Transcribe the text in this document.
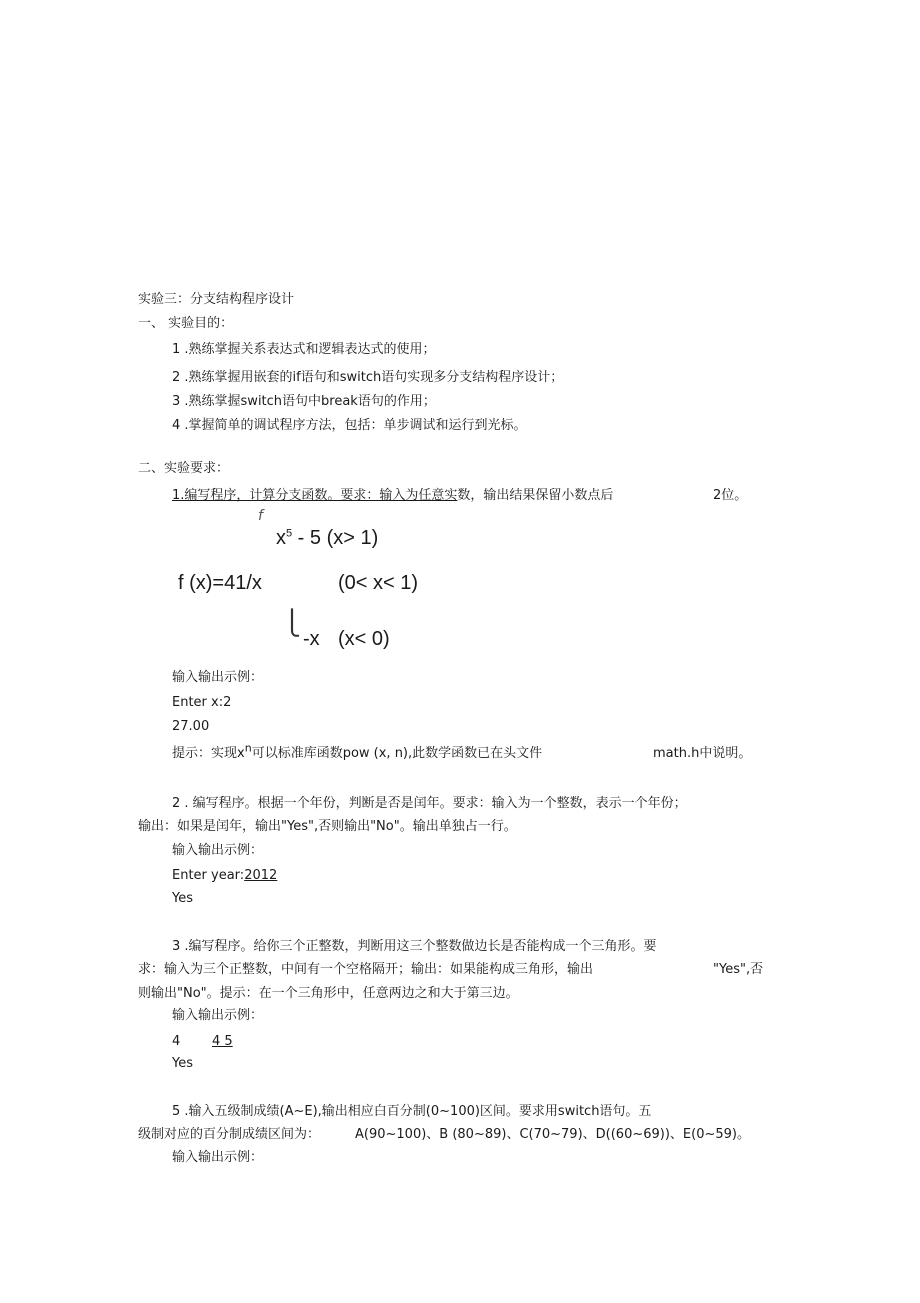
实验三：分支结构程序设计
一、 实验目的：
1 .熟练掌握关系表达式和逻辑表达式的使用；
2 .熟练掌握用嵌套的if语句和switch语句实现多分支结构程序设计；
3 .熟练掌握switch语句中break语句的作用；
4 .掌握简单的调试程序方法，包括：单步调试和运行到光标。
二、实验要求：
1.编写程序，计算分支函数。要求：输入为任意实数，输出结果保留小数点后	2位。
f
$x^5 - 5$ (x> 1)
f (x)=41/x	(0< x< 1)
⎩
-x (x< 0)
输入输出示例：
Enter x:2
27.00
提示：实现$x^n$可以标准库函数pow (x, n),此数学函数已在头文件	math.h中说明。
2 . 编写程序。根据一个年份，判断是否是闰年。要求：输入为一个整数，表示一个年份；
输出：如果是闰年，输出"Yes",否则输出"No"。输出单独占一行。
输入输出示例：
Enter year:2012
Yes
3 .编写程序。给你三个正整数，判断用这三个整数做边长是否能构成一个三角形。要
求：输入为三个正整数，中间有一个空格隔开；输出：如果能构成三角形，输出	"Yes",否
则输出"No"。提示：在一个三角形中，任意两边之和大于第三边。
输入输出示例：
4 4 5
Yes
5 .输入五级制成绩(A~E),输出相应白百分制(0~100)区间。要求用switch语句。五
级制对应的百分制成绩区间为：	A(90~100)、B (80~89)、C(70~79)、D((60~69))、E(0~59)。
输入输出示例：
